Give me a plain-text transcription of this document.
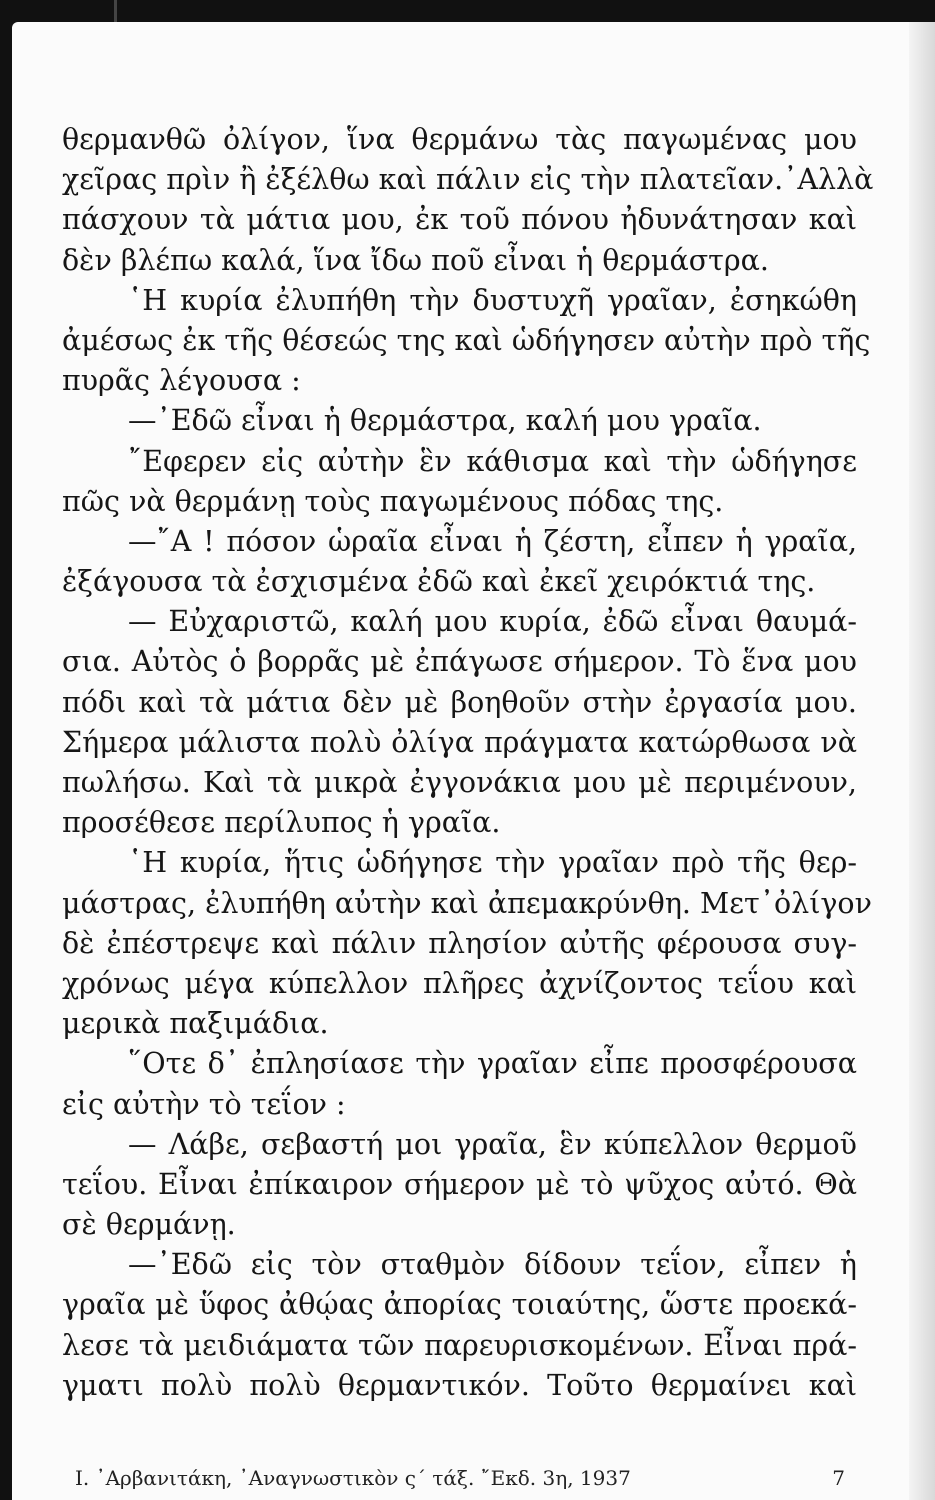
θερμανθῶ ὀλίγον, ἵνα θερμάνω τὰς παγωμένας μου
χεῖρας πρὶν ἢ ἐξέλθω καὶ πάλιν εἰς τὴν πλατεῖαν.᾽Αλλὰ
πάσχουν τὰ μάτια μου, ἐκ τοῦ πόνου ἠδυνάτησαν καὶ
δὲν βλέπω καλά, ἵνα ἴδω ποῦ εἶναι ἡ θερμάστρα.
῾Η κυρία ἐλυπήθη τὴν δυστυχῆ γραῖαν, ἐσηκώθη
ἀμέσως ἐκ τῆς θέσεώς της καὶ ὡδήγησεν αὐτὴν πρὸ τῆς
πυρᾶς λέγουσα :
—᾽Εδῶ εἶναι ἡ θερμάστρα, καλή μου γραῖα.
῎Εφερεν εἰς αὐτὴν ἓν κάθισμα καὶ τὴν ὡδήγησε
πῶς νὰ θερμάνῃ τοὺς παγωμένους πόδας της.
—῎Α ! πόσον ὡραῖα εἶναι ἡ ζέστη, εἶπεν ἡ γραῖα,
ἐξάγουσα τὰ ἐσχισμένα ἐδῶ καὶ ἐκεῖ χειρόκτιά της.
— Εὐχαριστῶ, καλή μου κυρία, ἐδῶ εἶναι θαυμά-
σια. Αὐτὸς ὁ βορρᾶς μὲ ἐπάγωσε σήμερον. Τὸ ἕνα μου
πόδι καὶ τὰ μάτια δὲν μὲ βοηθοῦν στὴν ἐργασία μου.
Σήμερα μάλιστα πολὺ ὀλίγα πράγματα κατώρθωσα νὰ
πωλήσω. Καὶ τὰ μικρὰ ἐγγονάκια μου μὲ περιμένουν,
προσέθεσε περίλυπος ἡ γραῖα.
῾Η κυρία, ἥτις ὡδήγησε τὴν γραῖαν πρὸ τῆς θερ-
μάστρας, ἐλυπήθη αὐτὴν καὶ ἀπεμακρύνθη. Μετ᾽ὀλίγον
δὲ ἐπέστρεψε καὶ πάλιν πλησίον αὐτῆς φέρουσα συγ-
χρόνως μέγα κύπελλον πλῆρες ἀχνίζοντος τεΐου καὶ
μερικὰ παξιμάδια.
῞Οτε δ᾽ ἐπλησίασε τὴν γραῖαν εἶπε προσφέρουσα
εἰς αὐτὴν τὸ τεΐον :
— Λάβε, σεβαστή μοι γραῖα, ἓν κύπελλον θερμοῦ
τεΐου. Εἶναι ἐπίκαιρον σήμερον μὲ τὸ ψῦχος αὐτό. Θὰ
σὲ θερμάνῃ.
—᾽Εδῶ εἰς τὸν σταθμὸν δίδουν τεΐον, εἶπεν ἡ
γραῖα μὲ ὕφος ἀθῴας ἀπορίας τοιαύτης, ὥστε προεκά-
λεσε τὰ μειδιάματα τῶν παρευρισκομένων. Εἶναι πρά-
γματι πολὺ πολὺ θερμαντικόν. Τοῦτο θερμαίνει καὶ
Ι. ᾽Αρβανιτάκη, ᾽Αναγνωστικὸν ς´ τάξ. ῎Εκδ. 3η, 1937	7
